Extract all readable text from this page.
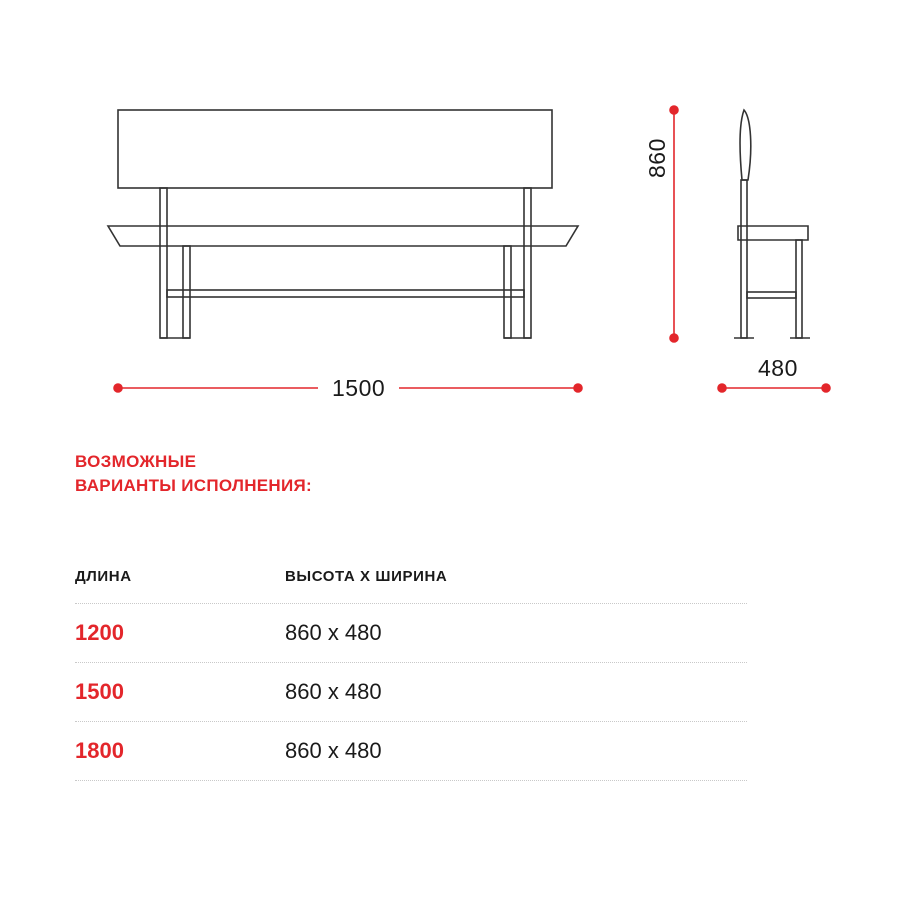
1500
480
860
ВОЗМОЖНЫЕ
ВАРИАНТЫ ИСПОЛНЕНИЯ:
ДЛИНА	ВЫСОТА Х ШИРИНА
1200	860 х 480
1500	860 х 480
1800	860 х 480
